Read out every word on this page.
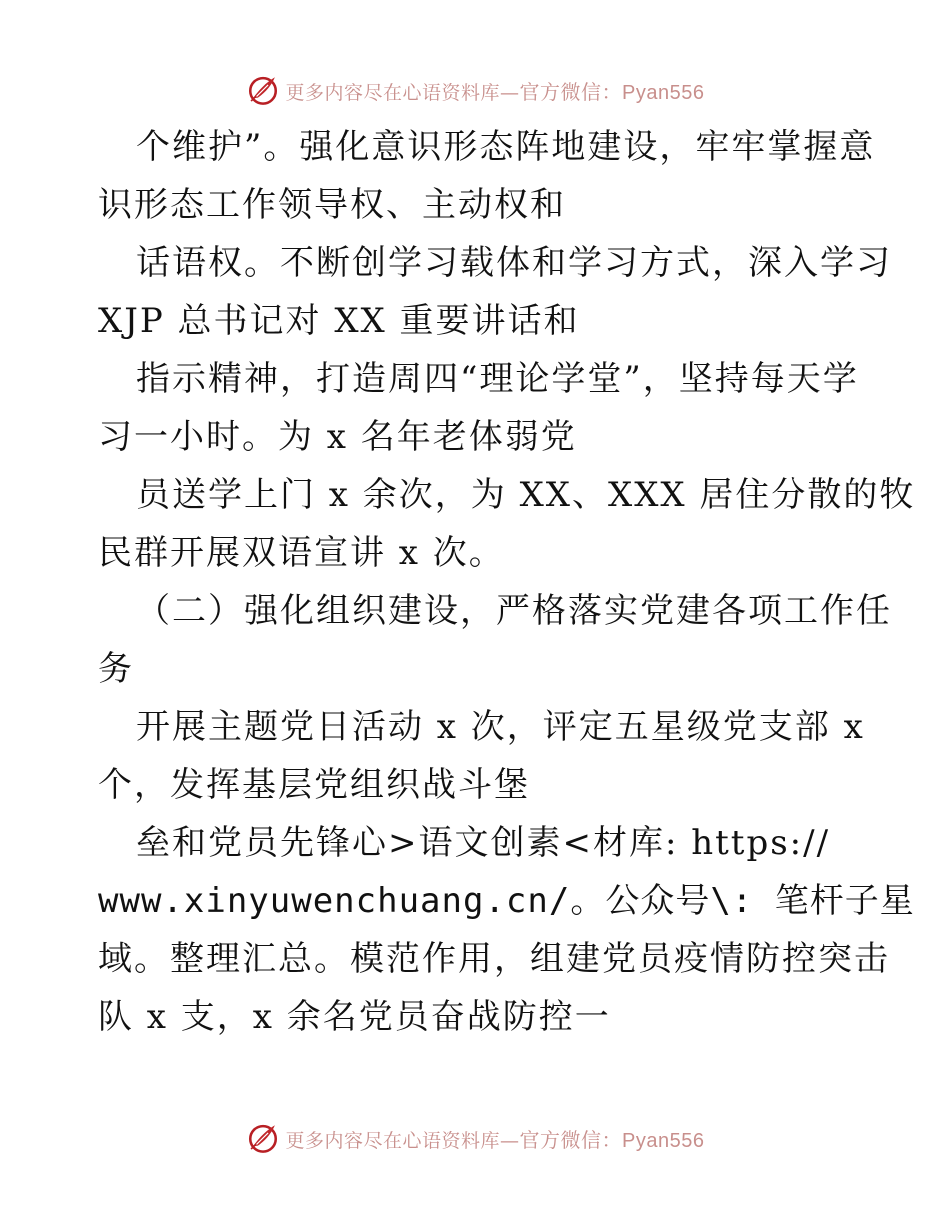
更多内容尽在心语资料库—官方微信：Pyan556
个维护”。强化意识形态阵地建设，牢牢掌握意
识形态工作领导权、主动权和
话语权。不断创学习载体和学习方式，深入学习
XJP 总书记对 XX 重要讲话和
指示精神，打造周四“理论学堂”，坚持每天学
习一小时。为 x 名年老体弱党
员送学上门 x 余次，为 XX、XXX 居住分散的牧
民群开展双语宣讲 x 次。
（二）强化组织建设，严格落实党建各项工作任
务
开展主题党日活动 x 次，评定五星级党支部 x
个，发挥基层党组织战斗堡
垒和党员先锋心>语文创素<材库: https://
www.xinyuwenchuang.cn/。公众号\: 笔杆子星
域。整理汇总。模范作用，组建党员疫情防控突击
队 x 支，x 余名党员奋战防控一
更多内容尽在心语资料库—官方微信：Pyan556
